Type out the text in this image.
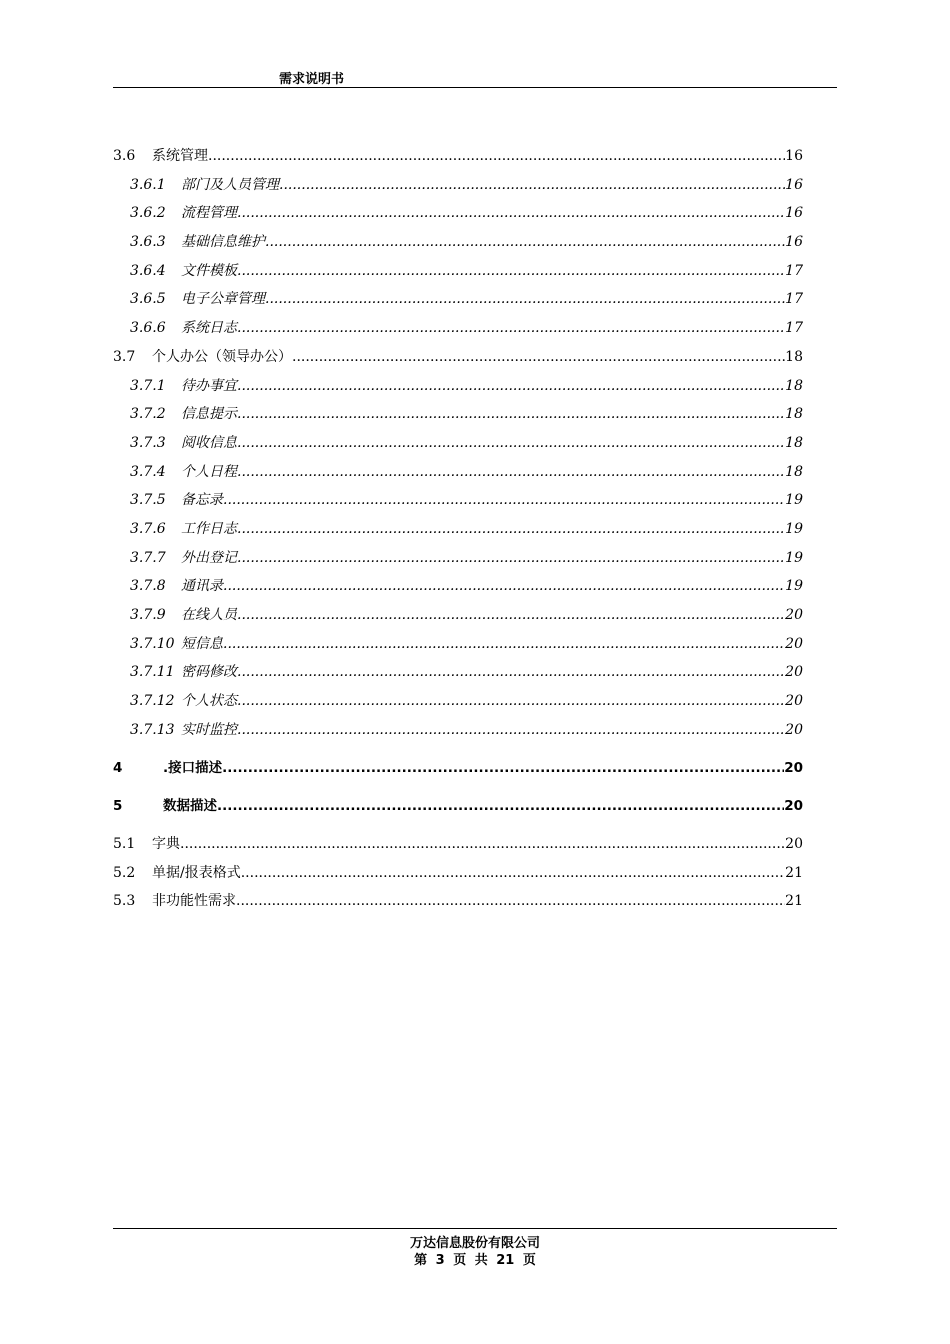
需求说明书
3.6	系统管理 .....	16
3.6.1	部门及人员管理 .....	16
3.6.2	流程管理 .....	16
3.6.3	基础信息维护 .....	16
3.6.4	文件模板 .....	17
3.6.5	电子公章管理 .....	17
3.6.6	系统日志 .....	17
3.7	个人办公（领导办公） .....	18
3.7.1	待办事宜 .....	18
3.7.2	信息提示 .....	18
3.7.3	阅收信息 .....	18
3.7.4	个人日程 .....	18
3.7.5	备忘录 .....	19
3.7.6	工作日志 .....	19
3.7.7	外出登记 .....	19
3.7.8	通讯录 .....	19
3.7.9	在线人员 .....	20
3.7.10 短信息 .....	20
3.7.11 密码修改 .....	20
3.7.12 个人状态 .....	20
3.7.13 实时监控 .....	20
4	.接口描述 .....	20
5	数据描述 .....	20
5.1	字典 .....	20
5.2	单据/报表格式 .....	21
5.3	非功能性需求 .....	21
万达信息股份有限公司
第 3 页 共 21 页
